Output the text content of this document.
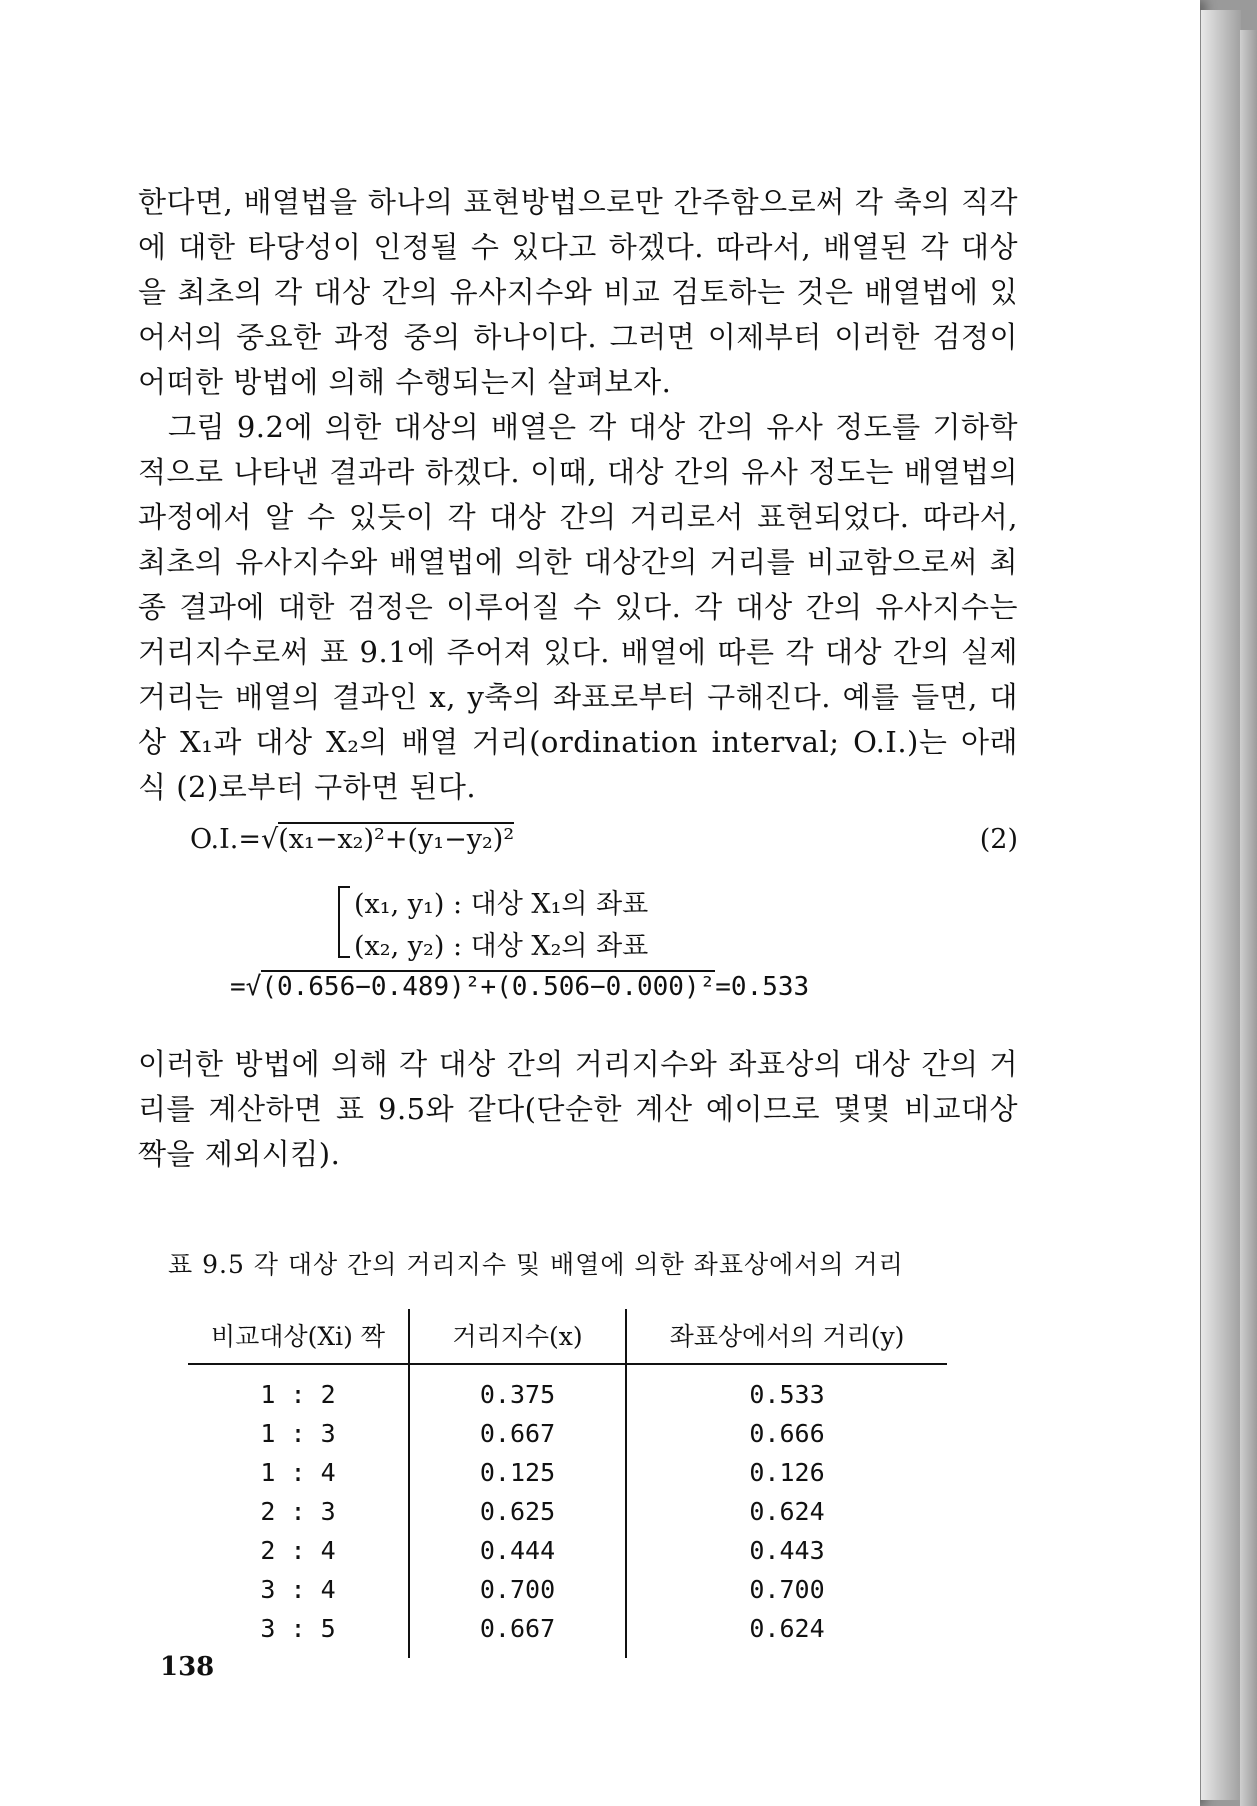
한다면, 배열법을 하나의 표현방법으로만 간주함으로써 각 축의 직각에 대한 타당성이 인정될 수 있다고 하겠다. 따라서, 배열된 각 대상을 최초의 각 대상 간의 유사지수와 비교 검토하는 것은 배열법에 있어서의 중요한 과정 중의 하나이다. 그러면 이제부터 이러한 검정이 어떠한 방법에 의해 수행되는지 살펴보자.

그림 9.2에 의한 대상의 배열은 각 대상 간의 유사 정도를 기하학적으로 나타낸 결과라 하겠다. 이때, 대상 간의 유사 정도는 배열법의 과정에서 알 수 있듯이 각 대상 간의 거리로서 표현되었다. 따라서, 최초의 유사지수와 배열법에 의한 대상간의 거리를 비교함으로써 최종 결과에 대한 검정은 이루어질 수 있다. 각 대상 간의 유사지수는 거리지수로써 표 9.1에 주어져 있다. 배열에 따른 각 대상 간의 실제 거리는 배열의 결과인 x, y축의 좌표로부터 구해진다. 예를 들면, 대상 X₁과 대상 X₂의 배열 거리(ordination interval; O.I.)는 아래 식 (2)로부터 구하면 된다.

O.I.=√(x₁−x₂)²+(y₁−y₂)²	(2)
(x₁, y₁) : 대상 X₁의 좌표
(x₂, y₂) : 대상 X₂의 좌표
=√(0.656−0.489)²+(0.506−0.000)²=0.533

이러한 방법에 의해 각 대상 간의 거리지수와 좌표상의 대상 간의 거리를 계산하면 표 9.5와 같다(단순한 계산 예이므로 몇몇 비교대상 짝을 제외시킴).

표 9.5 각 대상 간의 거리지수 및 배열에 의한 좌표상에서의 거리
비교대상(Xi) 짝	거리지수(x)	좌표상에서의 거리(y)
1 : 2	0.375	0.533
1 : 3	0.667	0.666
1 : 4	0.125	0.126
2 : 3	0.625	0.624
2 : 4	0.444	0.443
3 : 4	0.700	0.700
3 : 5	0.667	0.624
138
